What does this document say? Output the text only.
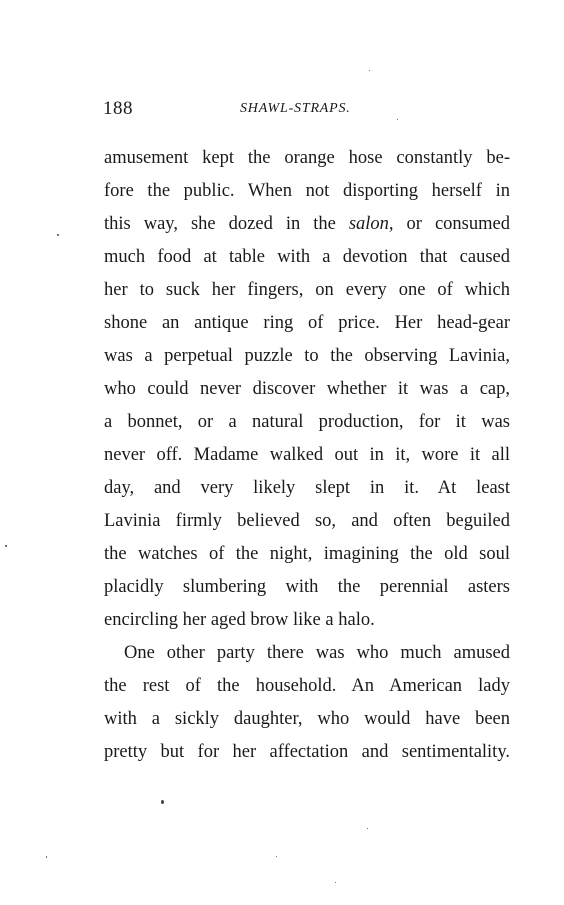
188	SHAWL-STRAPS.
amusement kept the orange hose constantly be-
fore the public. When not disporting herself in
this way, she dozed in the salon, or consumed
much food at table with a devotion that caused
her to suck her fingers, on every one of which
shone an antique ring of price. Her head-gear
was a perpetual puzzle to the observing Lavinia,
who could never discover whether it was a cap,
a bonnet, or a natural production, for it was
never off. Madame walked out in it, wore it all
day, and very likely slept in it. At least
Lavinia firmly believed so, and often beguiled
the watches of the night, imagining the old soul
placidly slumbering with the perennial asters
encircling her aged brow like a halo.
One other party there was who much amused
the rest of the household. An American lady
with a sickly daughter, who would have been
pretty but for her affectation and sentimentality.
